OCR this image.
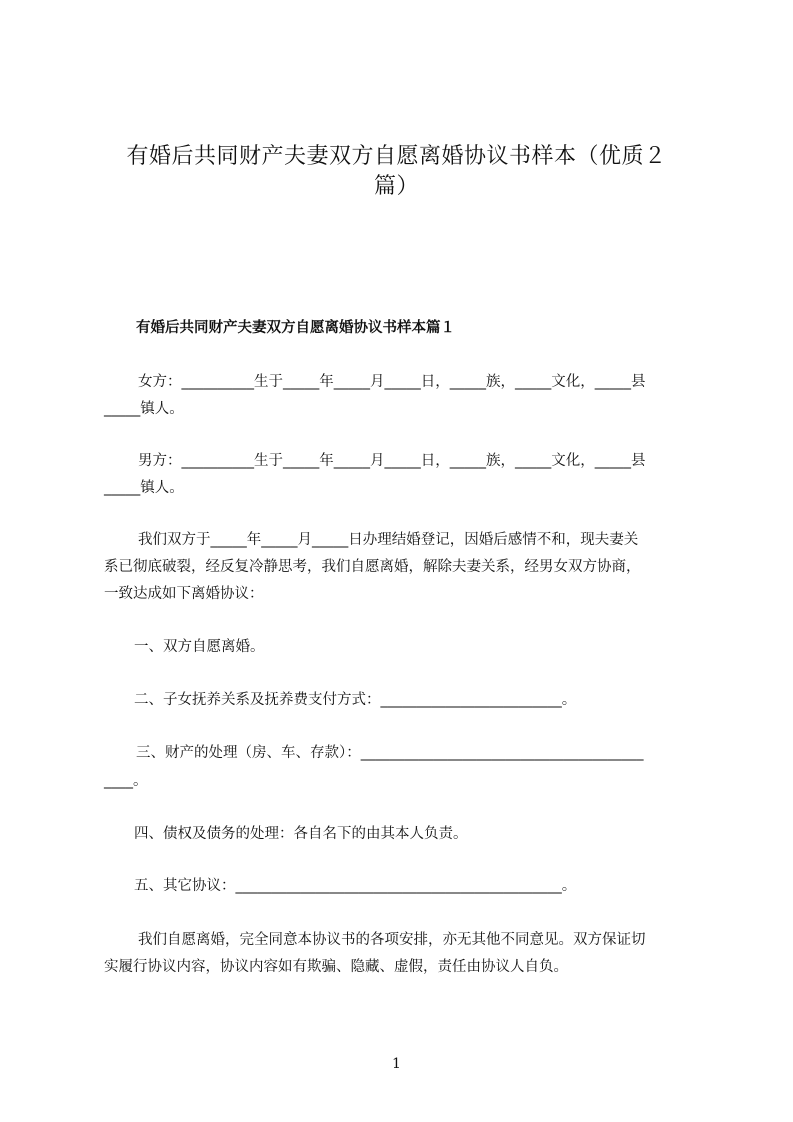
有婚后共同财产夫妻双方自愿离婚协议书样本（优质２
篇）
有婚后共同财产夫妻双方自愿离婚协议书样本篇１
女方：__________生于_____年_____月_____日，_____族，_____文化，_____县
_____镇人。
男方：__________生于_____年_____月_____日，_____族，_____文化，_____县
_____镇人。
我们双方于_____年_____月_____日办理结婚登记，因婚后感情不和，现夫妻关
系已彻底破裂，经反复冷静思考，我们自愿离婚，解除夫妻关系，经男女双方协商，
一致达成如下离婚协议：
一、双方自愿离婚。
二、子女抚养关系及抚养费支付方式：_________________________。
三、财产的处理（房、车、存款）：_______________________________________
____。
四、债权及债务的处理：各自名下的由其本人负责。
五、其它协议：_____________________________________________。
我们自愿离婚，完全同意本协议书的各项安排，亦无其他不同意见。双方保证切
实履行协议内容，协议内容如有欺骗、隐藏、虚假，责任由协议人自负。
1
